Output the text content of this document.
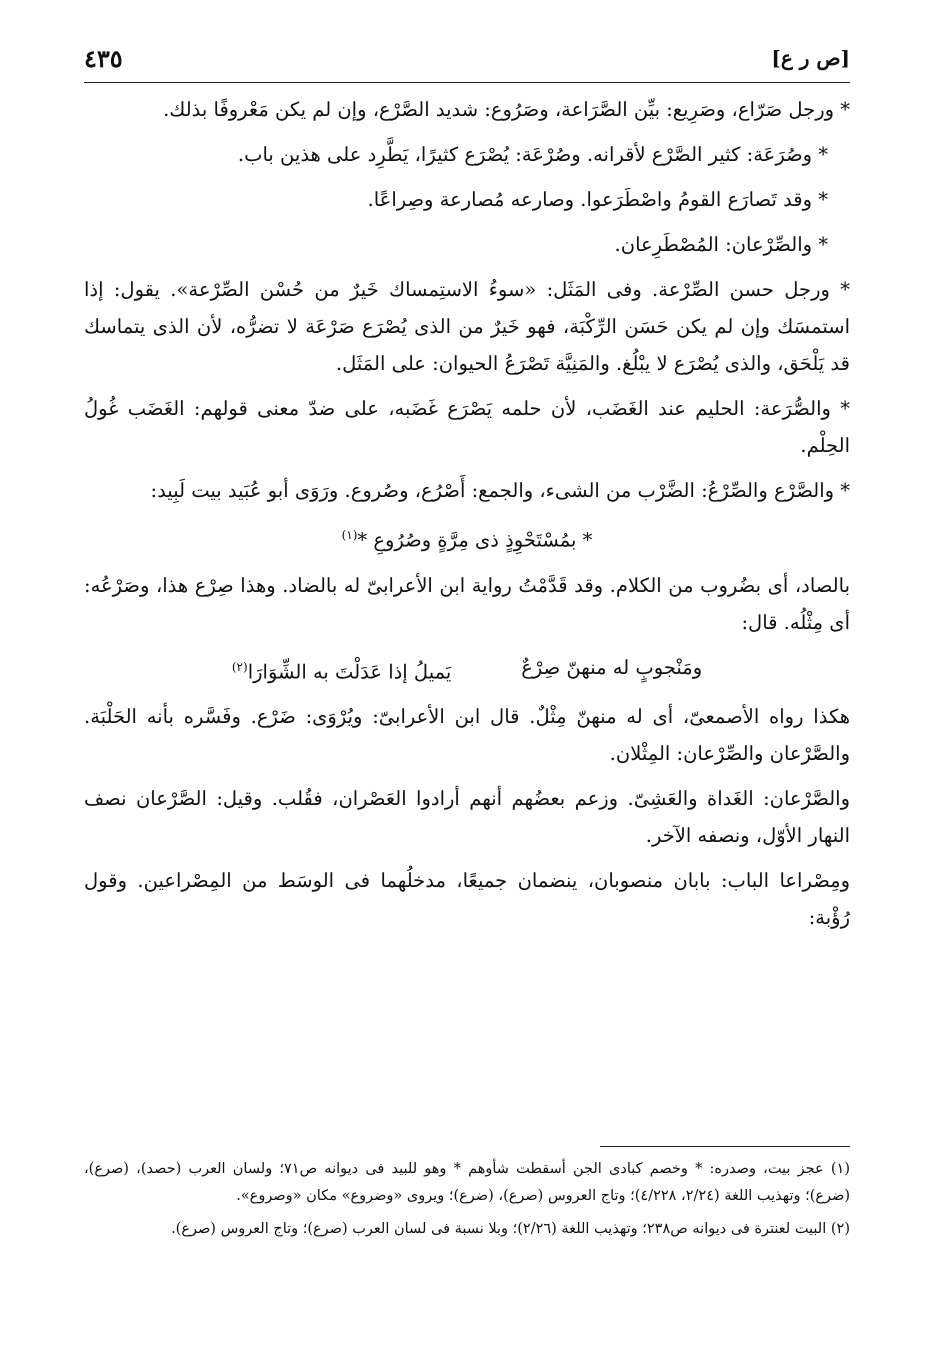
[ص ر ع]
٤٣٥

* ورجل صَرّاع، وصَرِيع: بيِّن الصَّرَاعة، وصَرُوع: شديد الصَّرْع، وإن لم يكن مَعْروفًا بذلك.

* وصُرَعَة: كثير الصَّرْع لأقرانه. وصُرْعَة: يُصْرَع كثيرًا، يَطَّرِد على هذين باب.

* وقد تَصارَع القومُ واصْطَرَعوا. وصارعه مُصارعة وصِراعًا.

* والصِّرْعان: المُصْطَرِعان.

* ورجل حسن الصِّرْعة. وفى المَثَل: «سوءُ الاستِمساك خَيرٌ من حُسْن الصِّرْعة». يقول: إذا استمسَك وإن لم يكن حَسَن الرِّكْبَة، فهو خَيرٌ من الذى يُصْرَع صَرْعَة لا تضرُّه، لأن الذى يتماسك قد يَلْحَق، والذى يُصْرَع لا يبْلُغ. والمَنِيَّة تَصْرَعُ الحيوان: على المَثَل.

* والصُّرَعة: الحليم عند الغَضَب، لأن حلمه يَصْرَع غَضَبه، على ضدّ معنى قولهم: الغَضَب غُولُ الحِلْم.

* والصَّرْع والصِّرْعُ: الضَّرْب من الشىء، والجمع: أَصْرُع، وصُروع. ورَوَى أبو عُبَيد بيت لَبِيد:

* بمُسْتَحْوِذٍ ذى مِرَّةٍ وصُرُوعِ *$^{(١)}$

بالصاد، أى بضُروب من الكلام. وقد قَدَّمْتُ رواية ابن الأعرابىّ له بالضاد. وهذا صِرْع هذا، وصَرْعُه: أى مِثْلُه. قال:

ومَنْجوبٍ له منهنّ صِرْعٌ
يَميلُ إذا عَدَلْتَ به الشِّوَارَا$^{(٢)}$

هكذا رواه الأصمعىّ، أى له منهنّ مِثْلٌ. قال ابن الأعرابىّ: ويُرْوَى: ضَرْع. وفَسَّره بأنه الحَلْبَة. والصَّرْعان والصِّرْعان: المِثْلان.

والصَّرْعان: الغَداة والعَشِىّ. وزعم بعضُهم أنهم أرادوا العَصْران، فقُلب. وقيل: الصَّرْعان نصف النهار الأوّل، ونصفه الآخر.

ومِصْراعا الباب: بابان منصوبان، ينضمان جميعًا، مدخلُهما فى الوسَط من المِصْراعين. وقول رُؤْبة:

(١) عجز بيت، وصدره: * وخصم كبادى الجن أسقطت شأوهم * وهو للبيد فى ديوانه ص٧١؛ ولسان العرب (حصد)، (صرع)، (ضرع)؛ وتهذيب اللغة (٢/٢٤، ٤/٢٢٨)؛ وتاج العروس (صرع)، (ضرع)؛ ويروى «وضروع» مكان «وصروع».

(٢) البيت لعنترة فى ديوانه ص٢٣٨؛ وتهذيب اللغة (٢/٢٦)؛ وبلا نسبة فى لسان العرب (صرع)؛ وتاج العروس (صرع).
